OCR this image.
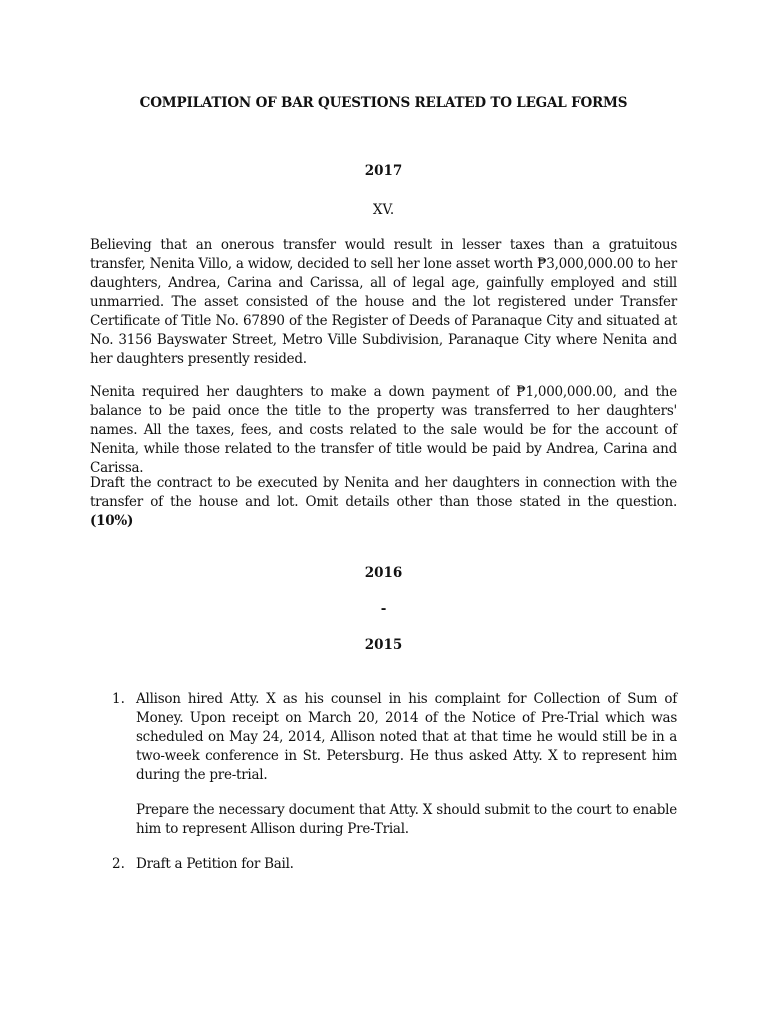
COMPILATION OF BAR QUESTIONS RELATED TO LEGAL FORMS
2017
XV.

Believing that an onerous transfer would result in lesser taxes than a gratuitous transfer, Nenita Villo, a widow, decided to sell her lone asset worth ₱3,000,000.00 to her daughters, Andrea, Carina and Carissa, all of legal age, gainfully employed and still unmarried. The asset consisted of the house and the lot registered under Transfer Certificate of Title No. 67890 of the Register of Deeds of Paranaque City and situated at No. 3156 Bayswater Street, Metro Ville Subdivision, Paranaque City where Nenita and her daughters presently resided.

Nenita required her daughters to make a down payment of ₱1,000,000.00, and the balance to be paid once the title to the property was transferred to her daughters' names. All the taxes, fees, and costs related to the sale would be for the account of Nenita, while those related to the transfer of title would be paid by Andrea, Carina and Carissa.

Draft the contract to be executed by Nenita and her daughters in connection with the transfer of the house and lot. Omit details other than those stated in the question. (10%)

2016
-
2015
1. Allison hired Atty. X as his counsel in his complaint for Collection of Sum of Money. Upon receipt on March 20, 2014 of the Notice of Pre-Trial which was scheduled on May 24, 2014, Allison noted that at that time he would still be in a two-week conference in St. Petersburg. He thus asked Atty. X to represent him during the pre-trial.

Prepare the necessary document that Atty. X should submit to the court to enable him to represent Allison during Pre-Trial.

2. Draft a Petition for Bail.
